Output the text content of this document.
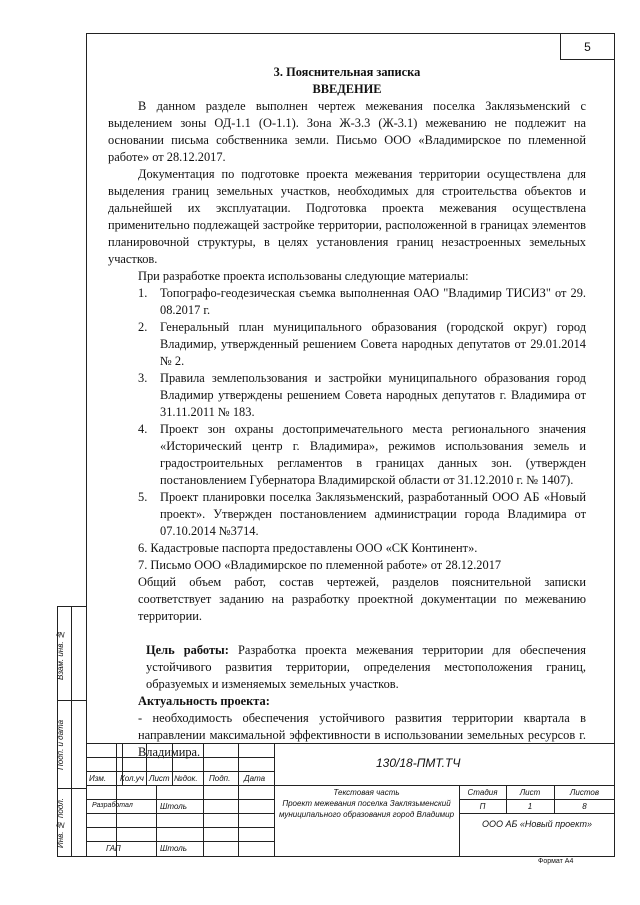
5
Взам. инв. №
Подп. и дата
Инв. № подл.
3. Пояснительная записка
ВВЕДЕНИЕ

В данном разделе выполнен чертеж межевания поселка Заклязьменский с выделением зоны ОД-1.1 (О-1.1). Зона Ж-3.3 (Ж-3.1) межеванию не подлежит на основании письма собственника земли. Письмо ООО «Владимирское по племенной работе» от 28.12.2017.

Документация по подготовке проекта межевания территории осуществлена для выделения границ земельных участков, необходимых для строительства объектов и дальнейшей их эксплуатации. Подготовка проекта межевания осуществлена применительно подлежащей застройке территории, расположенной в границах элементов планировочной структуры, в целях установления границ незастроенных земельных участков.

При разработке проекта использованы следующие материалы:

1.	Топографо-геодезическая съемка выполненная ОАО "Владимир ТИСИЗ" от 29. 08.2017 г.
2.	Генеральный план муниципального образования (городской округ) город Владимир, утвержденный решением Совета народных депутатов от 29.01.2014 № 2.
3.	Правила землепользования и застройки муниципального образования город Владимир утверждены решением Совета народных депутатов г. Владимира от 31.11.2011 № 183.
4.	Проект зон охраны достопримечательного места регионального значения «Исторический центр г. Владимира», режимов использования земель и градостроительных регламентов в границах данных зон. (утвержден постановлением Губернатора Владимирской области от 31.12.2010 г. № 1407).
5.	Проект планировки поселка Заклязьменский, разработанный ООО АБ «Новый проект». Утвержден постановлением администрации города Владимира от 07.10.2014 №3714.

6. Кадастровые паспорта предоставлены ООО «СК Континент».

7. Письмо ООО «Владимирское по племенной работе» от 28.12.2017

Общий объем работ, состав чертежей, разделов пояснительной записки соответствует заданию на разработку проектной документации по межеванию территории.

Цель работы: Разработка проекта межевания территории для обеспечения устойчивого развития территории, определения местоположения границ, образуемых и изменяемых земельных участков.

Актуальность проекта:

- необходимость обеспечения устойчивого развития территории квартала в направлении максимальной эффективности в использовании земельных ресурсов г. Владимира.

Изм. Кол.уч Лист №док. Подп. Дата
130/18-ПМТ.ТЧ
Разработал	Штоль
ГАП	Штоль
Текстовая часть
Проект межевания поселка Заклязьменский
муниципального образования город Владимир
Стадия	Лист	Листов
П	1	8
ООО АБ «Новый проект»
Формат А4
